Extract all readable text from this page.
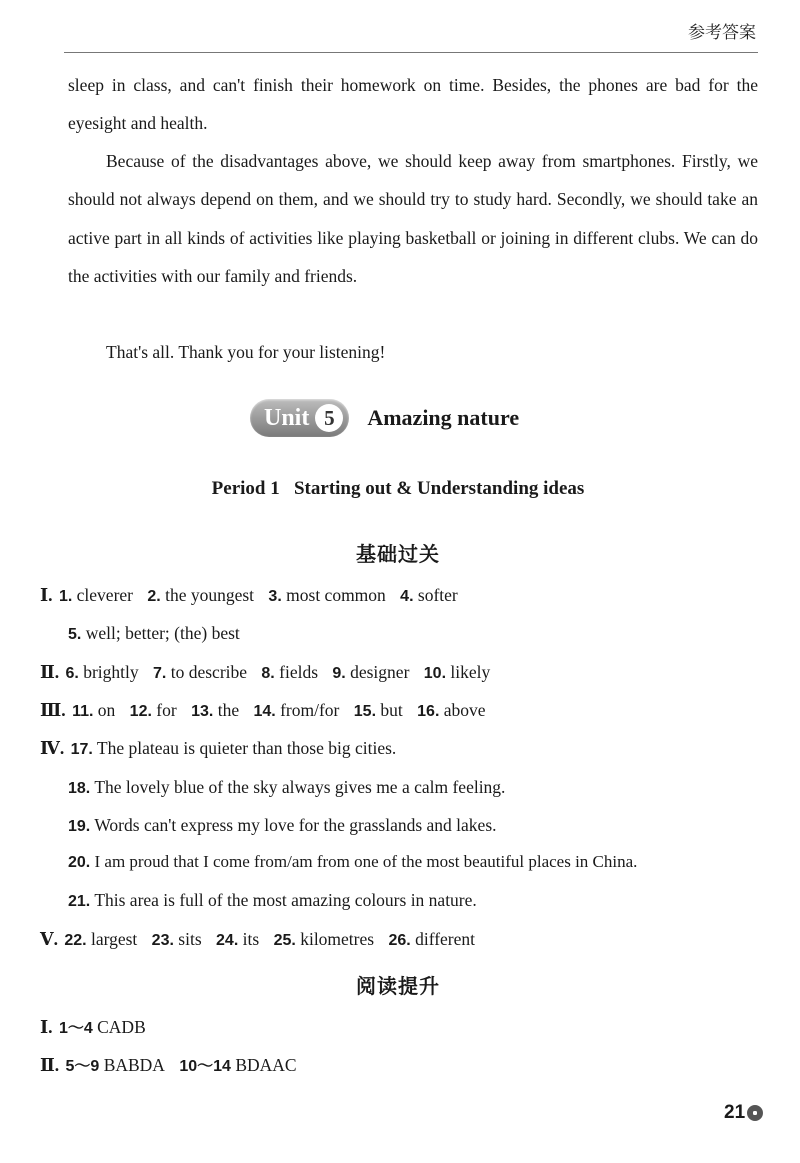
参考答案

sleep in class, and can't finish their homework on time. Besides, the phones are bad for the eyesight and health.

Because of the disadvantages above, we should keep away from smartphones. Firstly, we should not always depend on them, and we should try to study hard. Secondly, we should take an active part in all kinds of activities like playing basketball or joining in different clubs. We can do the activities with our family and friends.

That's all. Thank you for your listening!

Unit 5	Amazing nature
Period 1   Starting out & Understanding ideas
基础过关
Ⅰ. 1. cleverer 2. the youngest 3. most common 4. softer
5. well; better; (the) best
Ⅱ. 6. brightly 7. to describe 8. fields 9. designer 10. likely
Ⅲ. 11. on 12. for 13. the 14. from/for 15. but 16. above
Ⅳ. 17. The plateau is quieter than those big cities.
18. The lovely blue of the sky always gives me a calm feeling.
19. Words can't express my love for the grasslands and lakes.
20. I am proud that I come from/am from one of the most beautiful places in China.
21. This area is full of the most amazing colours in nature.
Ⅴ. 22. largest 23. sits 24. its 25. kilometres 26. different
阅读提升
Ⅰ. 1～4 CADB
Ⅱ. 5～9 BABDA 10～14 BDAAC
21
